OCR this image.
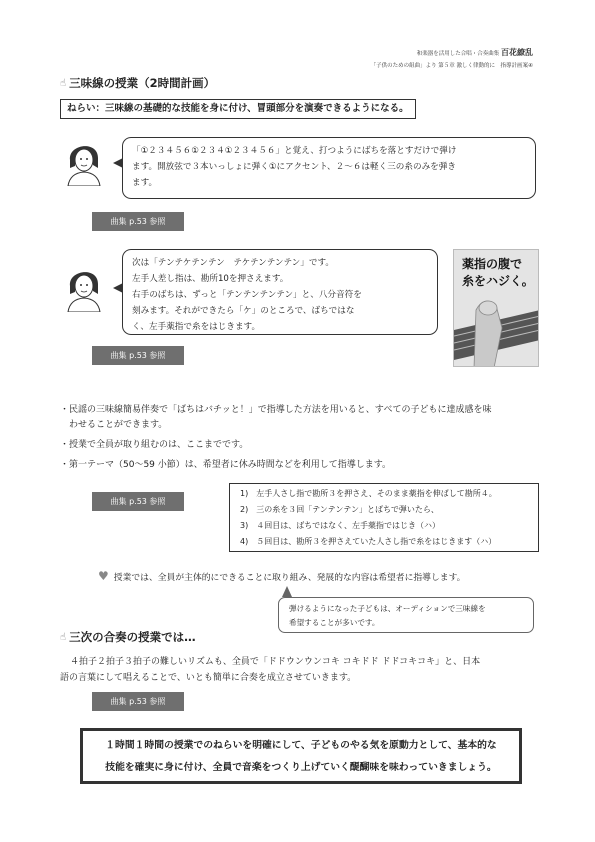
和楽器を活用した合唱・合奏曲集 百花繚乱
「子供のための組曲」より 第５章 激しく律動的に　指導計画案④
☝ 三味線の授業（2時間計画）
ねらい：三味線の基礎的な技能を身に付け、冒頭部分を演奏できるようになる。
「①２３４５６①２３４①２３４５６」と覚え、打つようにばちを落とすだけで弾け
ます。開放弦で３本いっしょに弾く①にアクセント、２～６は軽く三の糸のみを弾き
ます。
曲集 p.53 参照
次は「テンテケテンテン　テケテンテンテン」です。
左手人差し指は、勘所10を押さえます。
右手のばちは、ずっと「テンテンテンテン」と、八分音符を
刻みます。それができたら「ケ」のところで、ばちではな
く、左手薬指で糸をはじきます。
薬指の腹で
糸をハジく。
曲集 p.53 参照
・民謡の三味線簡易伴奏で「ばちはバチッと！」で指導した方法を用いると、すべての子どもに達成感を味
　わせることができます。
・授業で全員が取り組むのは、ここまでです。
・第一テーマ（50～59 小節）は、希望者に休み時間などを利用して指導します。
曲集 p.53 参照
1)　左手人さし指で勘所３を押さえ、そのまま薬指を伸ばして勘所４。
2)　三の糸を３回「テンテンテン」とばちで弾いたら、
3)　４回目は、ばちではなく、左手薬指ではじき（ハ）
4)　５回目は、勘所３を押さえていた人さし指で糸をはじきます（ハ）
♥ 授業では、全員が主体的にできることに取り組み、発展的な内容は希望者に指導します。
弾けるようになった子どもは、オーディションで三味線を
希望することが多いです。
☝ 三次の合奏の授業では…
４拍子２拍子３拍子の難しいリズムも、全員で「ドドウンウンコキ コキドド ドドコキコキ」と、日本
語の言葉にして唱えることで、いとも簡単に合奏を成立させていきます。
曲集 p.53 参照
１時間１時間の授業でのねらいを明確にして、子どものやる気を原動力として、基本的な
技能を確実に身に付け、全員で音楽をつくり上げていく醍醐味を味わっていきましょう。
